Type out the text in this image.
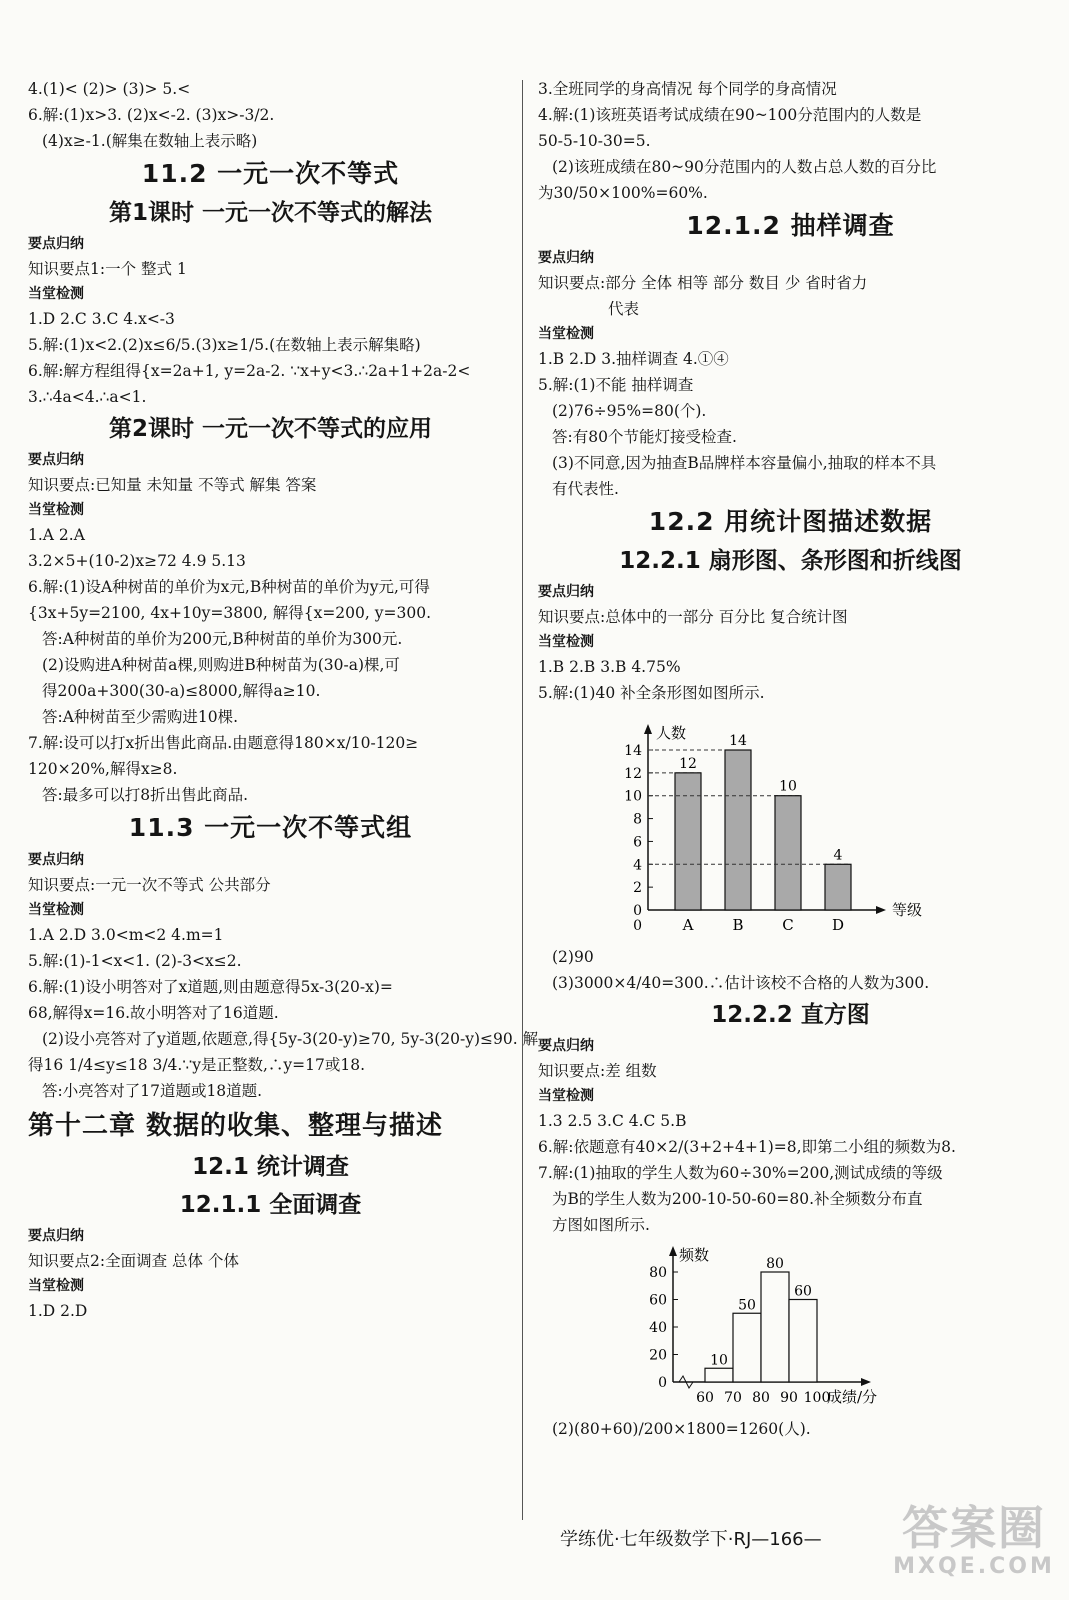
4.(1)< (2)> (3)> 5.<
6.解:(1)x>3. (2)x<-2. (3)x>-3/2.
(4)x≥-1.(解集在数轴上表示略)
11.2 一元一次不等式
第1课时 一元一次不等式的解法
要点归纳
知识要点1:一个 整式 1
当堂检测
1.D 2.C 3.C 4.x<-3
5.解:(1)x<2.(2)x≤6/5.(3)x≥1/5.(在数轴上表示解集略)
6.解:解方程组得{x=2a+1, y=2a-2. ∵x+y<3.∴2a+1+2a-2<
3.∴4a<4.∴a<1.
第2课时 一元一次不等式的应用
要点归纳
知识要点:已知量 未知量 不等式 解集 答案
当堂检测
1.A 2.A
3.2×5+(10-2)x≥72 4.9 5.13
6.解:(1)设A种树苗的单价为x元,B种树苗的单价为y元,可得
{3x+5y=2100, 4x+10y=3800, 解得{x=200, y=300.
答:A种树苗的单价为200元,B种树苗的单价为300元.
(2)设购进A种树苗a棵,则购进B种树苗为(30-a)棵,可
得200a+300(30-a)≤8000,解得a≥10.
答:A种树苗至少需购进10棵.
7.解:设可以打x折出售此商品.由题意得180×x/10-120≥
120×20%,解得x≥8.
答:最多可以打8折出售此商品.
11.3 一元一次不等式组
要点归纳
知识要点:一元一次不等式 公共部分
当堂检测
1.A 2.D 3.0<m<2 4.m=1
5.解:(1)-1<x<1. (2)-3<x≤2.
6.解:(1)设小明答对了x道题,则由题意得5x-3(20-x)=
68,解得x=16.故小明答对了16道题.
(2)设小亮答对了y道题,依题意,得{5y-3(20-y)≥70, 5y-3(20-y)≤90. 解
得16 1/4≤y≤18 3/4.∵y是正整数,∴y=17或18.
答:小亮答对了17道题或18道题.
第十二章 数据的收集、整理与描述
12.1 统计调查
12.1.1 全面调查
要点归纳
知识要点2:全面调查 总体 个体
当堂检测
1.D 2.D
3.全班同学的身高情况 每个同学的身高情况
4.解:(1)该班英语考试成绩在90~100分范围内的人数是
50-5-10-30=5.
(2)该班成绩在80~90分范围内的人数占总人数的百分比
为30/50×100%=60%.
12.1.2 抽样调查
要点归纳
知识要点:部分 全体 相等 部分 数目 少 省时省力
代表
当堂检测
1.B 2.D 3.抽样调查 4.①④
5.解:(1)不能 抽样调查
(2)76÷95%=80(个).
答:有80个节能灯接受检查.
(3)不同意,因为抽查B品牌样本容量偏小,抽取的样本不具
有代表性.
12.2 用统计图描述数据
12.2.1 扇形图、条形图和折线图
要点归纳
知识要点:总体中的一部分 百分比 复合统计图
当堂检测
1.B 2.B 3.B 4.75%
5.解:(1)40 补全条形图如图所示.
人数
等级
0
2
4
6
8
10
12
14
12
A
14
B
10
C
4
D
0
(2)90
(3)3000×4/40=300.∴估计该校不合格的人数为300.
12.2.2 直方图
要点归纳
知识要点:差 组数
当堂检测
1.3 2.5 3.C 4.C 5.B
6.解:依题意有40×2/(3+2+4+1)=8,即第二小组的频数为8.
7.解:(1)抽取的学生人数为60÷30%=200,测试成绩的等级
为B的学生人数为200-10-50-60=80.补全频数分布直
方图如图所示.
频数
成绩/分
0
20
40
60
80
10
50
80
60
60 70 80 90 100
(2)(80+60)/200×1800=1260(人).
学练优·七年级数学下·RJ—166— 答案圈
MXQE.COM
